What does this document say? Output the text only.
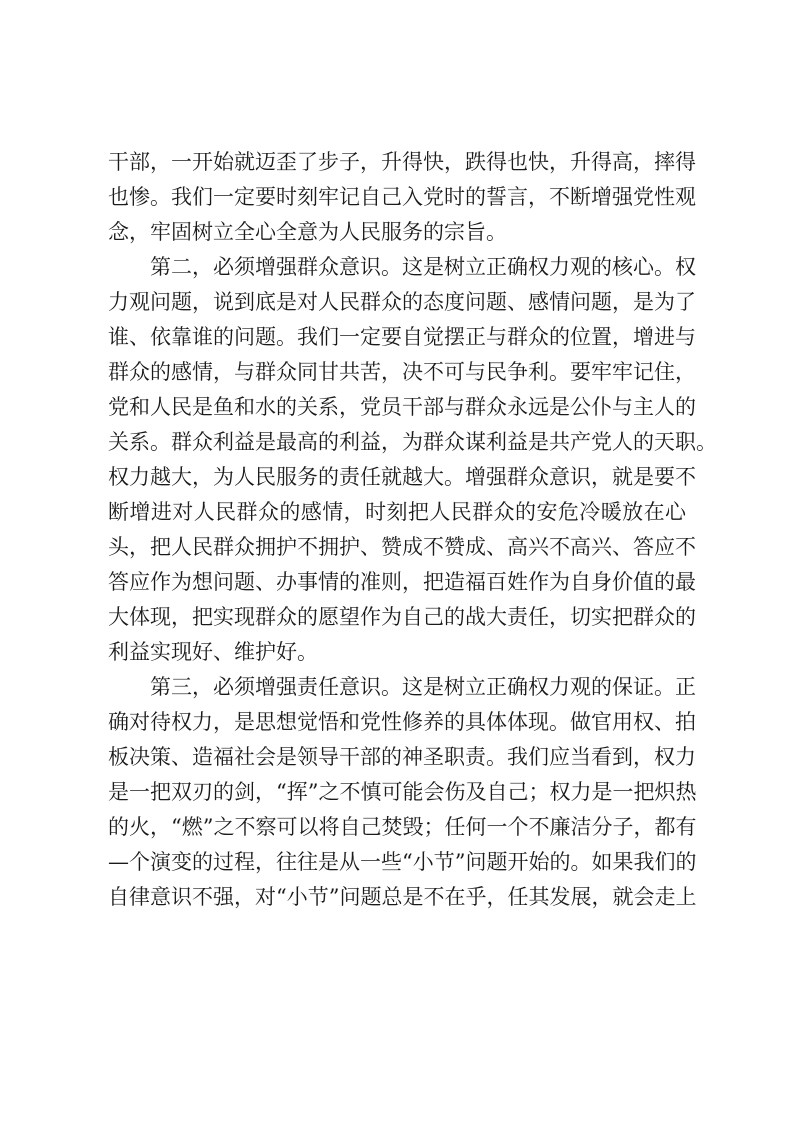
干部，一开始就迈歪了步子，升得快，跌得也快，升得高，摔得
也惨。我们一定要时刻牢记自己入党时的誓言，不断增强党性观
念，牢固树立全心全意为人民服务的宗旨。
第二，必须增强群众意识。这是树立正确权力观的核心。权
力观问题，说到底是对人民群众的态度问题、感情问题，是为了
谁、依靠谁的问题。我们一定要自觉摆正与群众的位置，增进与
群众的感情，与群众同甘共苦，决不可与民争利。要牢牢记住，
党和人民是鱼和水的关系，党员干部与群众永远是公仆与主人的
关系。群众利益是最高的利益，为群众谋利益是共产党人的天职。
权力越大，为人民服务的责任就越大。增强群众意识，就是要不
断增进对人民群众的感情，时刻把人民群众的安危冷暖放在心
头，把人民群众拥护不拥护、赞成不赞成、高兴不高兴、答应不
答应作为想问题、办事情的准则，把造福百姓作为自身价值的最
大体现，把实现群众的愿望作为自己的战大责任，切实把群众的
利益实现好、维护好。
第三，必须增强责任意识。这是树立正确权力观的保证。正
确对待权力，是思想觉悟和党性修养的具体体现。做官用权、拍
板决策、造福社会是领导干部的神圣职责。我们应当看到，权力
是一把双刃的剑，“挥”之不慎可能会伤及自己；权力是一把炽热
的火，“燃”之不察可以将自己焚毁；任何一个不廉洁分子，都有
—个演变的过程，往往是从一些“小节”问题开始的。如果我们的
自律意识不强，对“小节”问题总是不在乎，任其发展，就会走上
